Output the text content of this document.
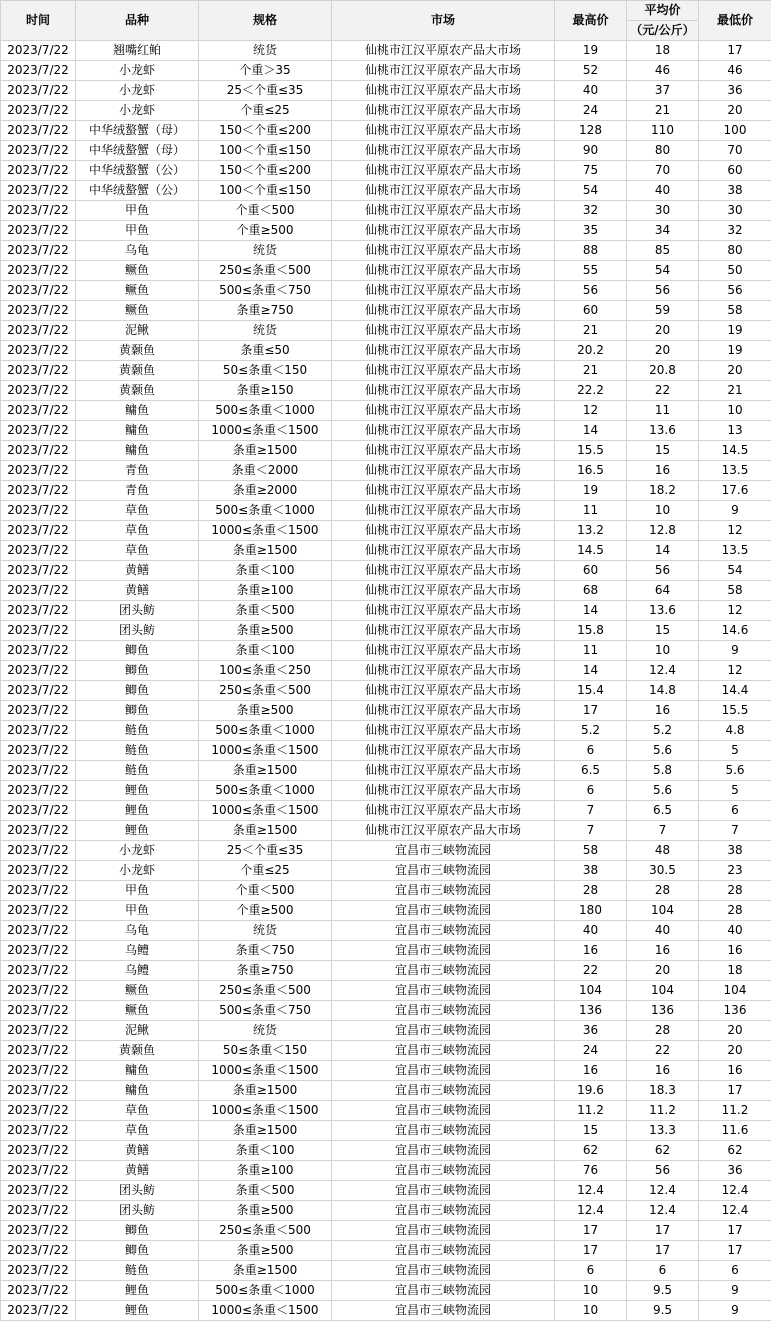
时间	品种	规格	市场	最高价	平均价	最低价
					（元/公斤）	
2023/7/22	翘嘴红鲌	统货	仙桃市江汉平原农产品大市场	19	18	17
2023/7/22	小龙虾	个重＞35	仙桃市江汉平原农产品大市场	52	46	46
2023/7/22	小龙虾	25＜个重≤35	仙桃市江汉平原农产品大市场	40	37	36
2023/7/22	小龙虾	个重≤25	仙桃市江汉平原农产品大市场	24	21	20
2023/7/22	中华绒螯蟹（母）	150＜个重≤200	仙桃市江汉平原农产品大市场	128	110	100
2023/7/22	中华绒螯蟹（母）	100＜个重≤150	仙桃市江汉平原农产品大市场	90	80	70
2023/7/22	中华绒螯蟹（公）	150＜个重≤200	仙桃市江汉平原农产品大市场	75	70	60
2023/7/22	中华绒螯蟹（公）	100＜个重≤150	仙桃市江汉平原农产品大市场	54	40	38
2023/7/22	甲鱼	个重＜500	仙桃市江汉平原农产品大市场	32	30	30
2023/7/22	甲鱼	个重≥500	仙桃市江汉平原农产品大市场	35	34	32
2023/7/22	乌龟	统货	仙桃市江汉平原农产品大市场	88	85	80
2023/7/22	鳜鱼	250≤条重＜500	仙桃市江汉平原农产品大市场	55	54	50
2023/7/22	鳜鱼	500≤条重＜750	仙桃市江汉平原农产品大市场	56	56	56
2023/7/22	鳜鱼	条重≥750	仙桃市江汉平原农产品大市场	60	59	58
2023/7/22	泥鳅	统货	仙桃市江汉平原农产品大市场	21	20	19
2023/7/22	黄颡鱼	条重≤50	仙桃市江汉平原农产品大市场	20.2	20	19
2023/7/22	黄颡鱼	50≤条重＜150	仙桃市江汉平原农产品大市场	21	20.8	20
2023/7/22	黄颡鱼	条重≥150	仙桃市江汉平原农产品大市场	22.2	22	21
2023/7/22	鳙鱼	500≤条重＜1000	仙桃市江汉平原农产品大市场	12	11	10
2023/7/22	鳙鱼	1000≤条重＜1500	仙桃市江汉平原农产品大市场	14	13.6	13
2023/7/22	鳙鱼	条重≥1500	仙桃市江汉平原农产品大市场	15.5	15	14.5
2023/7/22	青鱼	条重＜2000	仙桃市江汉平原农产品大市场	16.5	16	13.5
2023/7/22	青鱼	条重≥2000	仙桃市江汉平原农产品大市场	19	18.2	17.6
2023/7/22	草鱼	500≤条重＜1000	仙桃市江汉平原农产品大市场	11	10	9
2023/7/22	草鱼	1000≤条重＜1500	仙桃市江汉平原农产品大市场	13.2	12.8	12
2023/7/22	草鱼	条重≥1500	仙桃市江汉平原农产品大市场	14.5	14	13.5
2023/7/22	黄鳝	条重＜100	仙桃市江汉平原农产品大市场	60	56	54
2023/7/22	黄鳝	条重≥100	仙桃市江汉平原农产品大市场	68	64	58
2023/7/22	团头鲂	条重＜500	仙桃市江汉平原农产品大市场	14	13.6	12
2023/7/22	团头鲂	条重≥500	仙桃市江汉平原农产品大市场	15.8	15	14.6
2023/7/22	鲫鱼	条重＜100	仙桃市江汉平原农产品大市场	11	10	9
2023/7/22	鲫鱼	100≤条重＜250	仙桃市江汉平原农产品大市场	14	12.4	12
2023/7/22	鲫鱼	250≤条重＜500	仙桃市江汉平原农产品大市场	15.4	14.8	14.4
2023/7/22	鲫鱼	条重≥500	仙桃市江汉平原农产品大市场	17	16	15.5
2023/7/22	鲢鱼	500≤条重＜1000	仙桃市江汉平原农产品大市场	5.2	5.2	4.8
2023/7/22	鲢鱼	1000≤条重＜1500	仙桃市江汉平原农产品大市场	6	5.6	5
2023/7/22	鲢鱼	条重≥1500	仙桃市江汉平原农产品大市场	6.5	5.8	5.6
2023/7/22	鲤鱼	500≤条重＜1000	仙桃市江汉平原农产品大市场	6	5.6	5
2023/7/22	鲤鱼	1000≤条重＜1500	仙桃市江汉平原农产品大市场	7	6.5	6
2023/7/22	鲤鱼	条重≥1500	仙桃市江汉平原农产品大市场	7	7	7
2023/7/22	小龙虾	25＜个重≤35	宜昌市三峡物流园	58	48	38
2023/7/22	小龙虾	个重≤25	宜昌市三峡物流园	38	30.5	23
2023/7/22	甲鱼	个重＜500	宜昌市三峡物流园	28	28	28
2023/7/22	甲鱼	个重≥500	宜昌市三峡物流园	180	104	28
2023/7/22	乌龟	统货	宜昌市三峡物流园	40	40	40
2023/7/22	乌鳢	条重＜750	宜昌市三峡物流园	16	16	16
2023/7/22	乌鳢	条重≥750	宜昌市三峡物流园	22	20	18
2023/7/22	鳜鱼	250≤条重＜500	宜昌市三峡物流园	104	104	104
2023/7/22	鳜鱼	500≤条重＜750	宜昌市三峡物流园	136	136	136
2023/7/22	泥鳅	统货	宜昌市三峡物流园	36	28	20
2023/7/22	黄颡鱼	50≤条重＜150	宜昌市三峡物流园	24	22	20
2023/7/22	鳙鱼	1000≤条重＜1500	宜昌市三峡物流园	16	16	16
2023/7/22	鳙鱼	条重≥1500	宜昌市三峡物流园	19.6	18.3	17
2023/7/22	草鱼	1000≤条重＜1500	宜昌市三峡物流园	11.2	11.2	11.2
2023/7/22	草鱼	条重≥1500	宜昌市三峡物流园	15	13.3	11.6
2023/7/22	黄鳝	条重＜100	宜昌市三峡物流园	62	62	62
2023/7/22	黄鳝	条重≥100	宜昌市三峡物流园	76	56	36
2023/7/22	团头鲂	条重＜500	宜昌市三峡物流园	12.4	12.4	12.4
2023/7/22	团头鲂	条重≥500	宜昌市三峡物流园	12.4	12.4	12.4
2023/7/22	鲫鱼	250≤条重＜500	宜昌市三峡物流园	17	17	17
2023/7/22	鲫鱼	条重≥500	宜昌市三峡物流园	17	17	17
2023/7/22	鲢鱼	条重≥1500	宜昌市三峡物流园	6	6	6
2023/7/22	鲤鱼	500≤条重＜1000	宜昌市三峡物流园	10	9.5	9
2023/7/22	鲤鱼	1000≤条重＜1500	宜昌市三峡物流园	10	9.5	9
